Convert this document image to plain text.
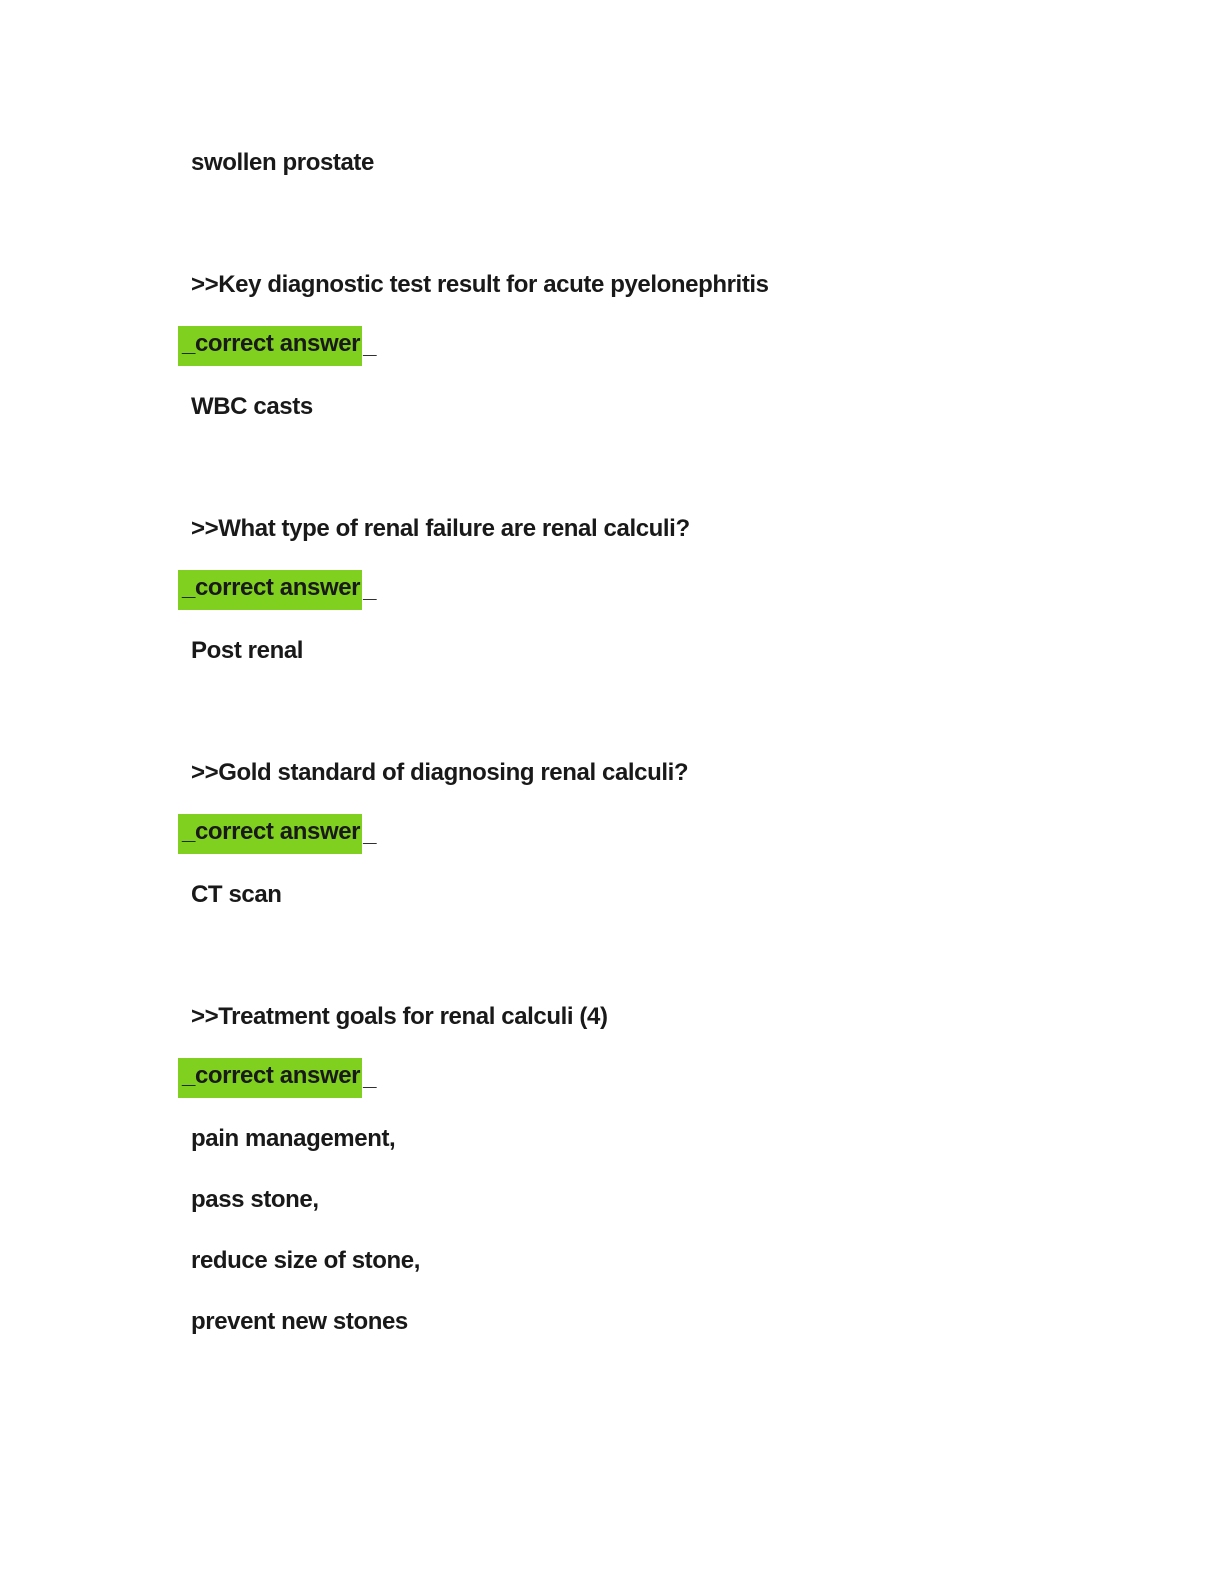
swollen prostate

>>Key diagnostic test result for acute pyelonephritis

_correct answer _

WBC casts

>>What type of renal failure are renal calculi?

_correct answer _

Post renal

>>Gold standard of diagnosing renal calculi?

_correct answer _

CT scan

>>Treatment goals for renal calculi (4)

_correct answer _

pain management,

pass stone,

reduce size of stone,

prevent new stones
